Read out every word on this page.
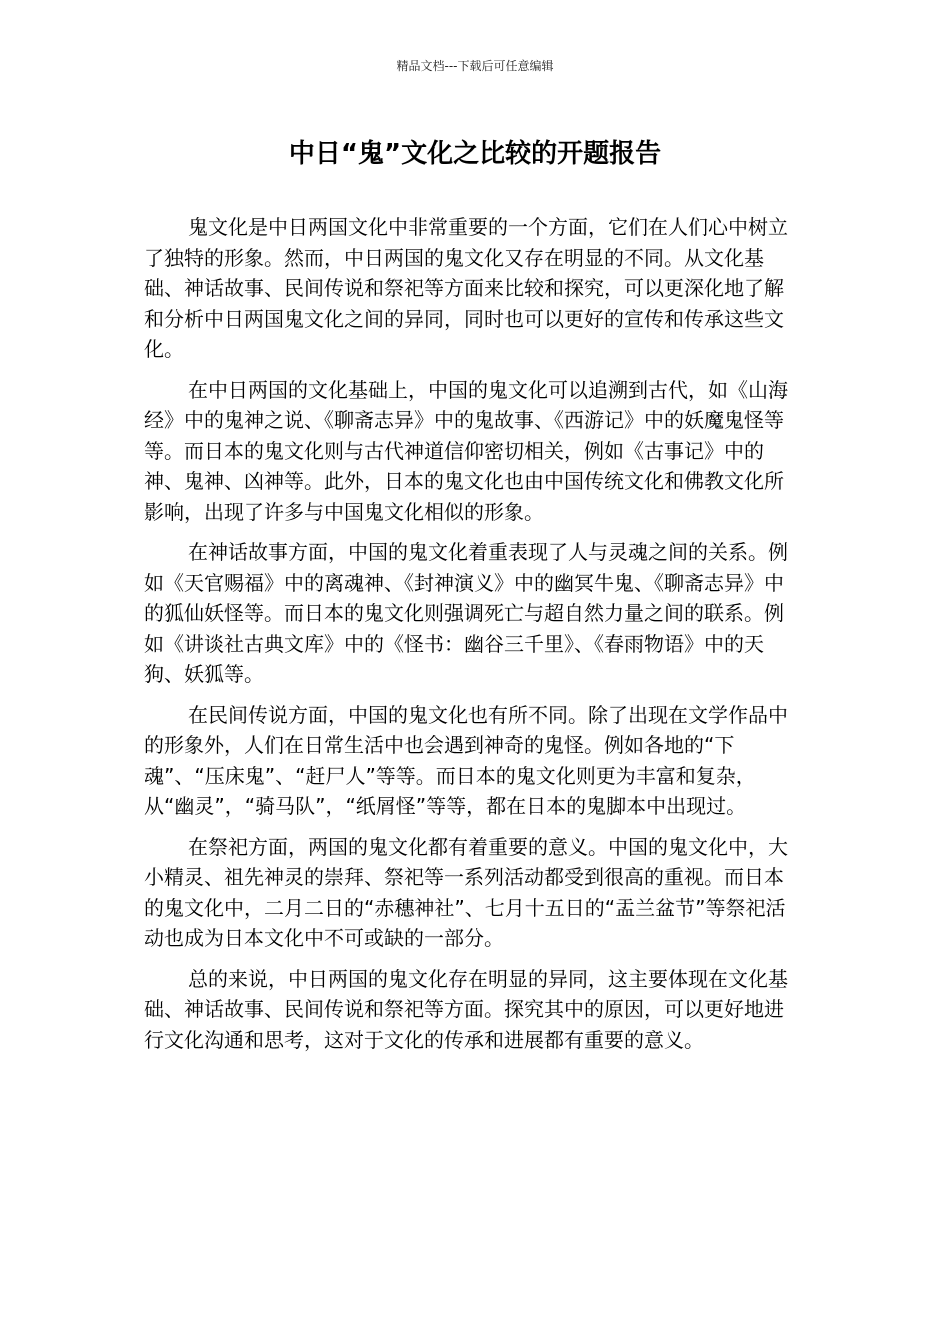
精品文档---下载后可任意编辑
中日“鬼”文化之比较的开题报告

鬼文化是中日两国文化中非常重要的一个方面，它们在人们心中树立了独特的形象。然而，中日两国的鬼文化又存在明显的不同。从文化基础、神话故事、民间传说和祭祀等方面来比较和探究，可以更深化地了解和分析中日两国鬼文化之间的异同，同时也可以更好的宣传和传承这些文化。

在中日两国的文化基础上，中国的鬼文化可以追溯到古代，如《山海经》中的鬼神之说、《聊斋志异》中的鬼故事、《西游记》中的妖魔鬼怪等等。而日本的鬼文化则与古代神道信仰密切相关，例如《古事记》中的神、鬼神、凶神等。此外，日本的鬼文化也由中国传统文化和佛教文化所影响，出现了许多与中国鬼文化相似的形象。

在神话故事方面，中国的鬼文化着重表现了人与灵魂之间的关系。例如《天官赐福》中的离魂神、《封神演义》中的幽冥牛鬼、《聊斋志异》中的狐仙妖怪等。而日本的鬼文化则强调死亡与超自然力量之间的联系。例如《讲谈社古典文库》中的《怪书：幽谷三千里》、《春雨物语》中的天狗、妖狐等。

在民间传说方面，中国的鬼文化也有所不同。除了出现在文学作品中的形象外，人们在日常生活中也会遇到神奇的鬼怪。例如各地的“下魂”、“压床鬼”、“赶尸人”等等。而日本的鬼文化则更为丰富和复杂，从“幽灵”，“骑马队”，“纸屑怪”等等，都在日本的鬼脚本中出现过。

在祭祀方面，两国的鬼文化都有着重要的意义。中国的鬼文化中，大小精灵、祖先神灵的崇拜、祭祀等一系列活动都受到很高的重视。而日本的鬼文化中，二月二日的“赤穗神社”、七月十五日的“盂兰盆节”等祭祀活动也成为日本文化中不可或缺的一部分。

总的来说，中日两国的鬼文化存在明显的异同，这主要体现在文化基础、神话故事、民间传说和祭祀等方面。探究其中的原因，可以更好地进行文化沟通和思考，这对于文化的传承和进展都有重要的意义。
